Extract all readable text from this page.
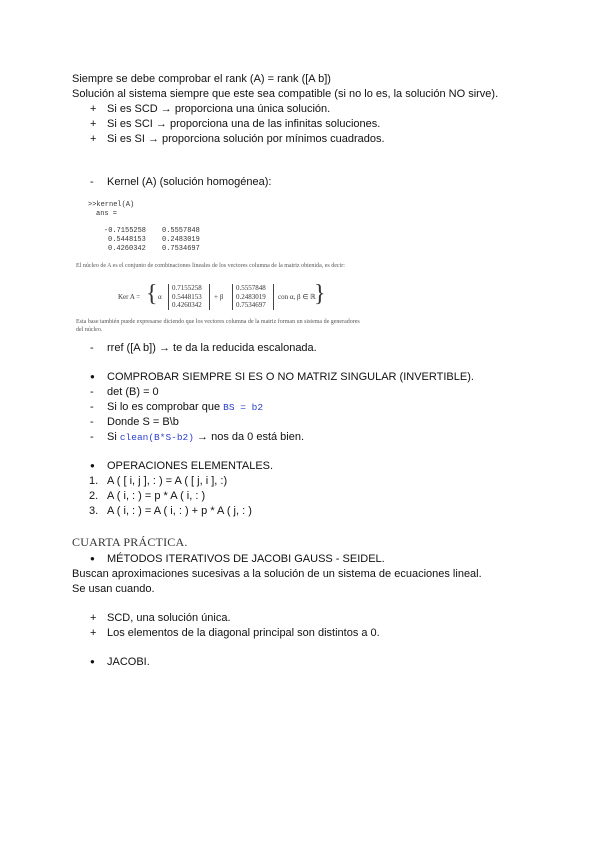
Siempre se debe comprobar el rank (A) = rank ([A b])
Solución al sistema siempre que este sea compatible (si no lo es, la solución NO sirve).
+ Si es SCD → proporciona una única solución.
+ Si es SCI → proporciona una de las infinitas soluciones.
+ Si es SI → proporciona solución por mínimos cuadrados.
- Kernel (A) (solución homogénea):
>>kernel(A)
ans =
-0.7155258
0.5448153
0.4260342
0.5557848
0.2483019
0.7534697
El núcleo de A es el conjunto de combinaciones lineales de los vectores columna de la matriz obtenida, es decir:
Ker A = { α
0.7155258
0.5448153
0.4260342
+ β
0.5557848
0.2483019
0.7534697
con α, β ∈ ℝ
}
Esta base también puede expresarse diciendo que los vectores columna de la matriz forman un sistema de generadores del núcleo.
- rref ([A b]) → te da la reducida escalonada.
● COMPROBAR SIEMPRE SI ES O NO MATRIZ SINGULAR (INVERTIBLE).
- det (B) = 0
- Si lo es comprobar que BS = b2
- Donde S = B\b
- Si clean(B*S-b2) → nos da 0 está bien.
● OPERACIONES ELEMENTALES.
1. A ( [ i, j ], : ) = A ( [ j, i ], :)
2. A ( i, : ) = p * A ( i, : )
3. A ( i, : ) = A ( i, : ) + p * A ( j, : )
CUARTA PRÁCTICA.
● MÉTODOS ITERATIVOS DE JACOBI GAUSS - SEIDEL.
Buscan aproximaciones sucesivas a la solución de un sistema de ecuaciones lineal.
Se usan cuando.
+ SCD, una solución única.
+ Los elementos de la diagonal principal son distintos a 0.
● JACOBI.
